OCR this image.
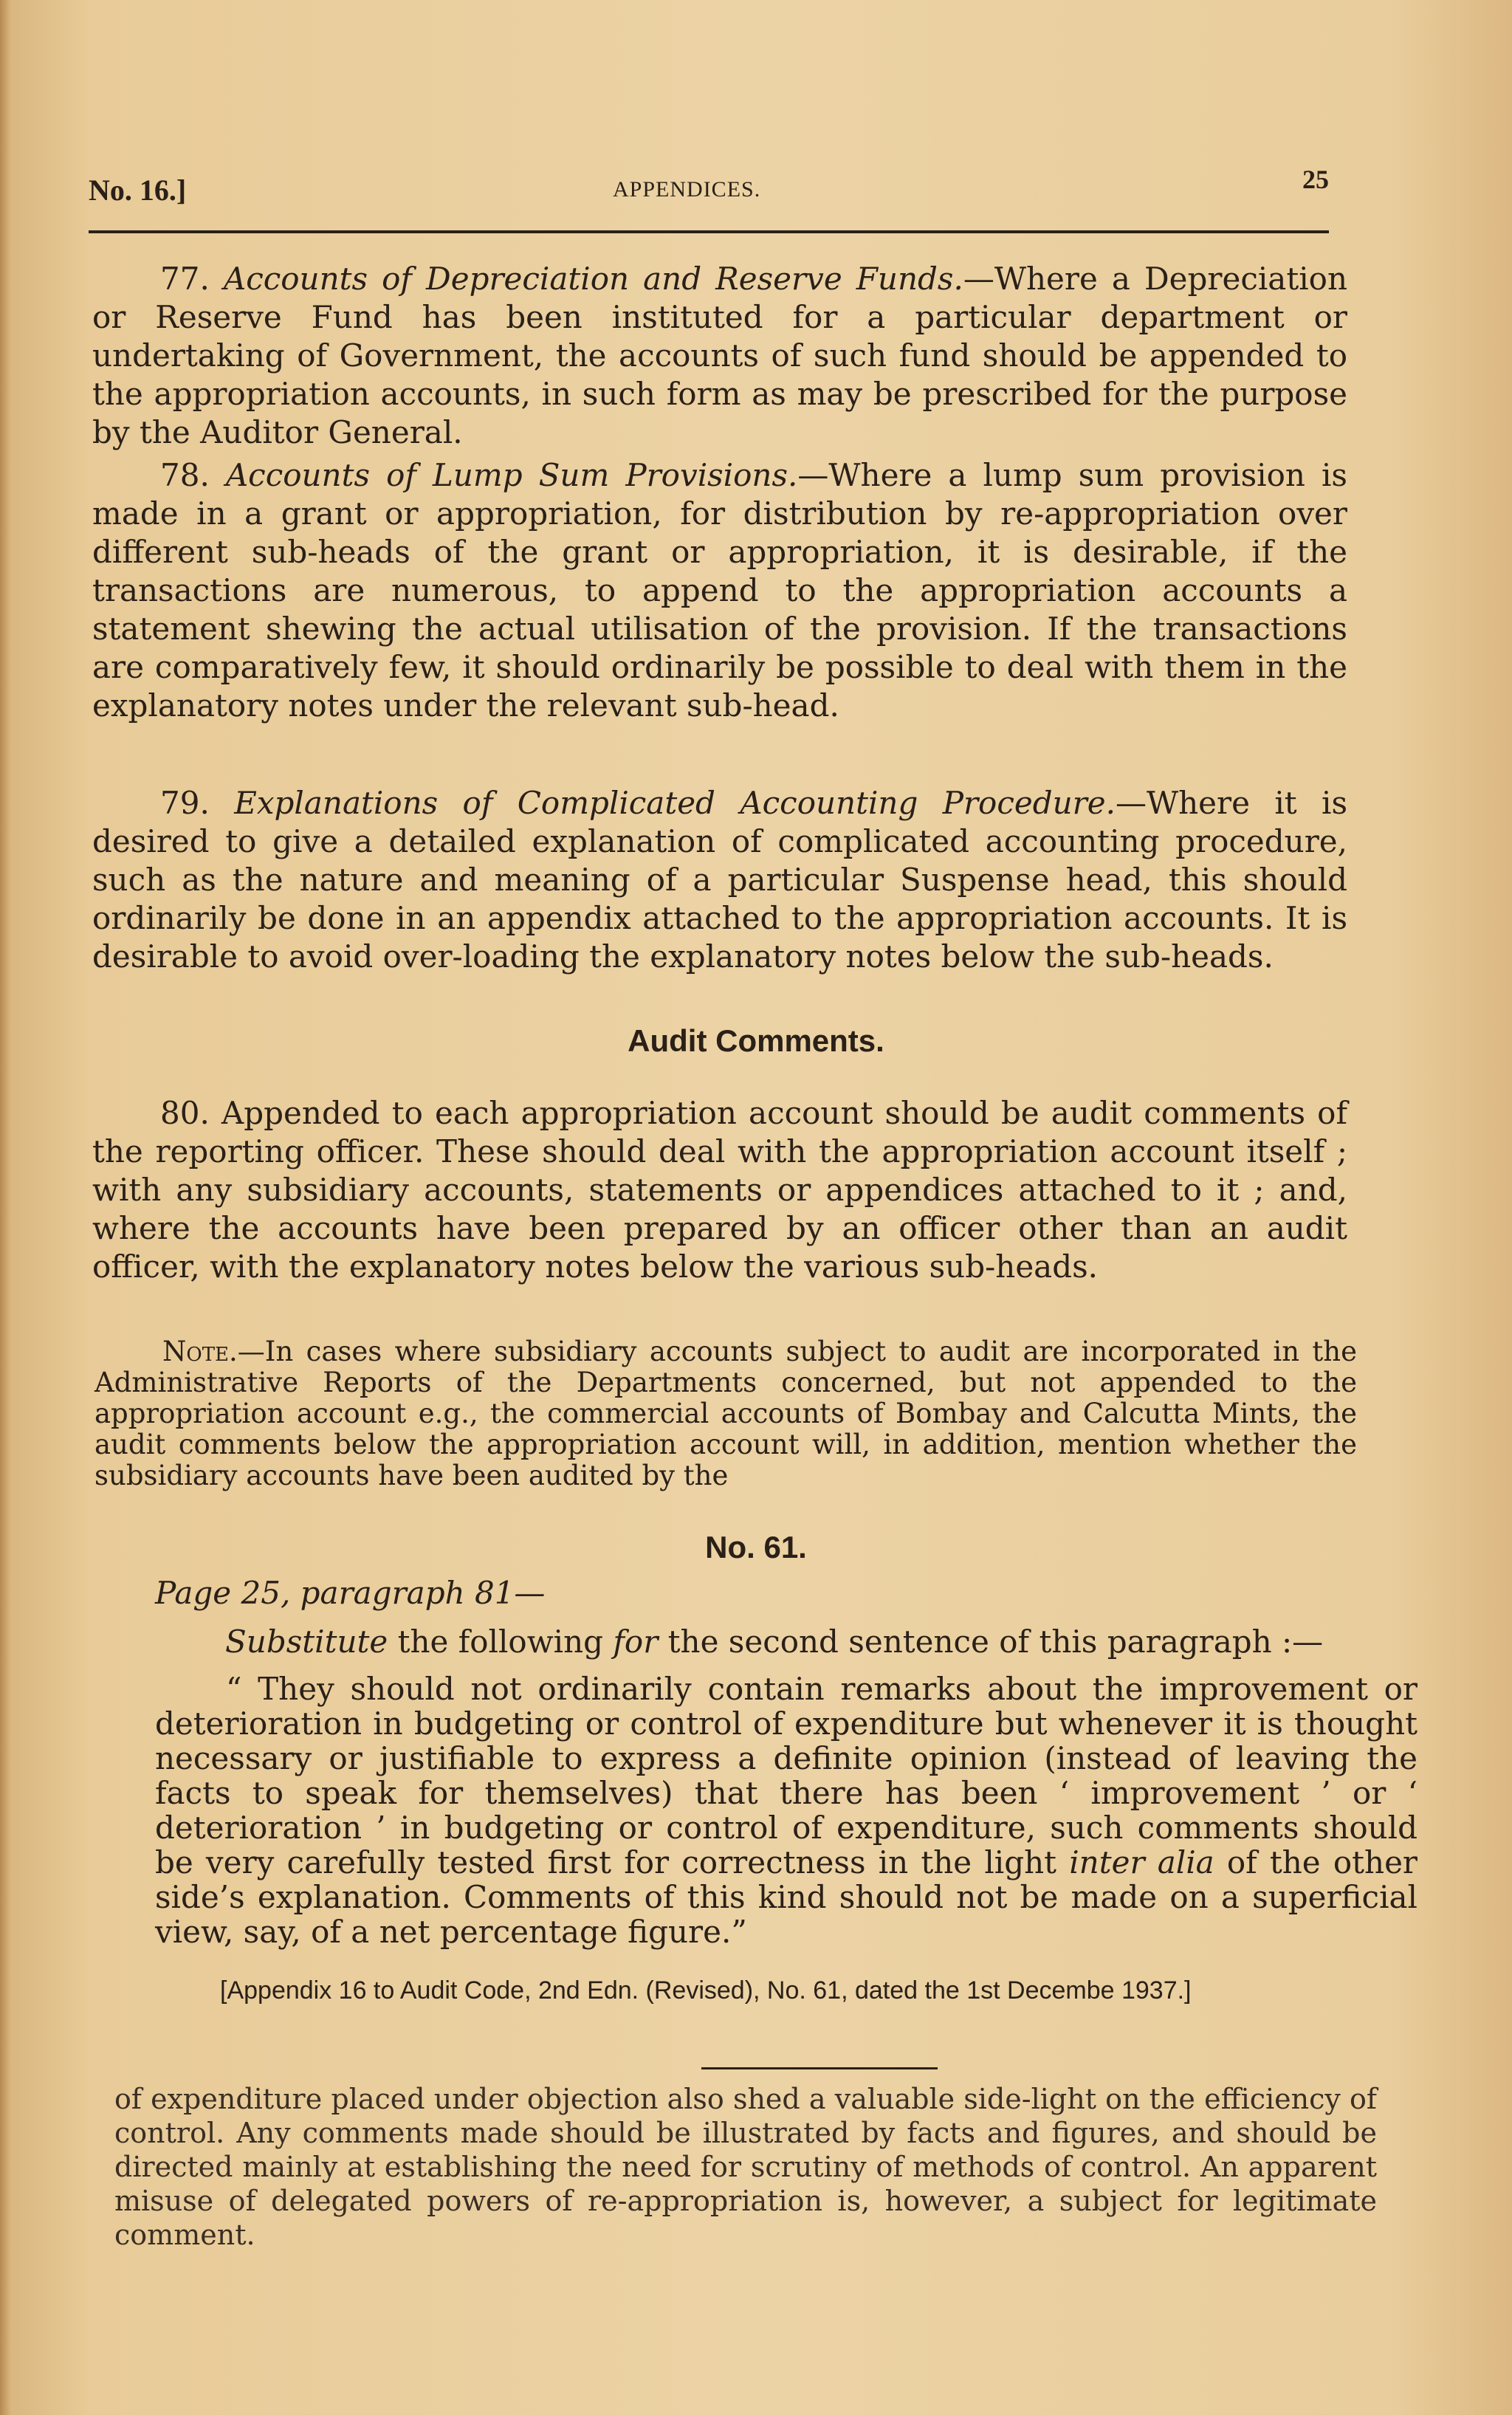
No. 16.]	APPENDICES.	25

77. Accounts of Depreciation and Reserve Funds.—Where a Depreciation or Reserve Fund has been instituted for a particular department or undertaking of Government, the accounts of such fund should be appended to the appropriation accounts, in such form as may be prescribed for the purpose by the Auditor General.

78. Accounts of Lump Sum Provisions.—Where a lump sum provision is made in a grant or appropriation, for distribution by re-appropriation over different sub-heads of the grant or appropriation, it is desirable, if the transactions are numerous, to append to the appropriation accounts a statement shewing the actual utilisation of the provision. If the transactions are comparatively few, it should ordinarily be possible to deal with them in the explanatory notes under the relevant sub-head.

79. Explanations of Complicated Accounting Procedure.—Where it is desired to give a detailed explanation of complicated accounting procedure, such as the nature and meaning of a particular Suspense head, this should ordinarily be done in an appendix attached to the appropriation accounts. It is desirable to avoid over-loading the explanatory notes below the sub-heads.

Audit Comments.

80. Appended to each appropriation account should be audit comments of the reporting officer. These should deal with the appropriation account itself ; with any subsidiary accounts, statements or appendices attached to it ; and, where the accounts have been prepared by an officer other than an audit officer, with the explanatory notes below the various sub-heads.

Note.—In cases where subsidiary accounts subject to audit are incorporated in the Administrative Reports of the Departments concerned, but not appended to the appropriation account e.g., the commercial accounts of Bombay and Calcutta Mints, the audit comments below the appropriation account will, in addition, mention whether the subsidiary accounts have been audited by the
No. 61.
Page 25, paragraph 81—
Substitute the following for the second sentence of this paragraph :—

“ They should not ordinarily contain remarks about the improvement or deterioration in budgeting or control of expenditure but whenever it is thought necessary or justifiable to express a definite opinion (instead of leaving the facts to speak for themselves) that there has been ‘ improvement ’ or ‘ deterioration ’ in budgeting or control of expenditure, such comments should be very carefully tested first for correctness in the light inter alia of the other side’s explanation. Comments of this kind should not be made on a superficial view, say, of a net percentage figure.”

[Appendix 16 to Audit Code, 2nd Edn. (Revised), No. 61, dated the 1st Decembe 1937.]
of expenditure placed under objection also shed a valuable side-light on the efficiency of control. Any comments made should be illustrated by facts and figures, and should be directed mainly at establishing the need for scrutiny of methods of control. An apparent misuse of delegated powers of re-appropriation is, however, a subject for legitimate comment.
